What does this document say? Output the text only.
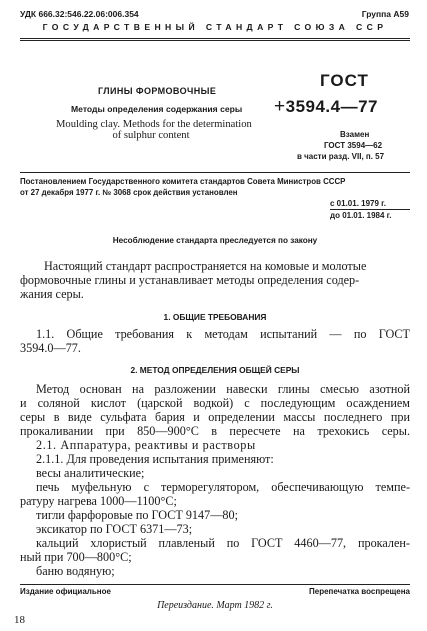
УДК 666.32:546.22.06:006.354	Группа А59
ГОСУДАРСТВЕННЫЙ СТАНДАРТ СОЮЗА ССР
ГЛИНЫ ФОРМОВОЧНЫЕ
Методы определения содержания серы
Moulding clay. Methods for the determination
of sulphur content
ГОСТ
+3594.4—77
Взамен
ГОСТ 3594—62
в части разд. VII, п. 57
Постановлением Государственного комитета стандартов Совета Министров СССР
от 27 декабря 1977 г. № 3068 срок действия установлен
с 01.01. 1979 г.
до 01.01. 1984 г.
Несоблюдение стандарта преследуется по закону
Настоящий стандарт распространяется на комовые и молотые
формовочные глины и устанавливает методы определения содер-
жания серы.
1. ОБЩИЕ ТРЕБОВАНИЯ
1.1. Общие требования к методам испытаний — по ГОСТ
3594.0—77.
2. МЕТОД ОПРЕДЕЛЕНИЯ ОБЩЕЙ СЕРЫ
Метод основан на разложении навески глины смесью азотной
и соляной кислот (царской водкой) с последующим осаждением
серы в виде сульфата бария и определении массы последнего при
прокаливании при 850—900°С в пересчете на трехокись серы.
2.1. Аппаратура, реактивы и растворы
2.1.1. Для проведения испытания применяют:
весы аналитические;
печь муфельную с терморегулятором, обеспечивающую темпе-
ратуру нагрева 1000—1100°С;
тигли фарфоровые по ГОСТ 9147—80;
эксикатор по ГОСТ 6371—73;
кальций хлористый плавленый по ГОСТ 4460—77, прокален-
ный при 700—800°С;
баню водяную;
Издание официальное	Перепечатка воспрещена
Переиздание. Март 1982 г.
18
